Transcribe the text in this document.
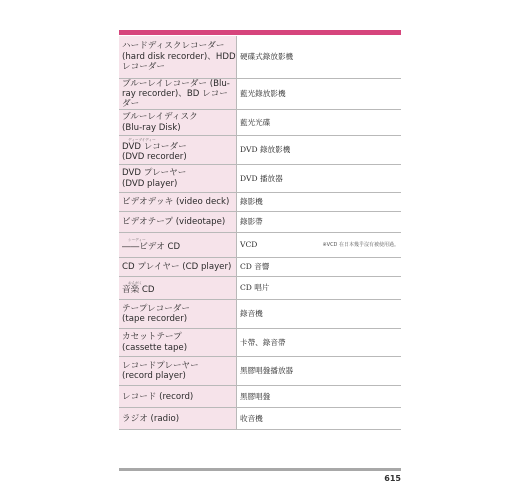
ハードディスクレコーダー
(hard disk recorder)、HDD
レコーダー	硬碟式錄放影機

ブルーレイレコーダー (Blu-
ray recorder)、BD レコーダー	藍光錄放影機

ブルーレイディスク
(Blu-ray Disk)	藍光光碟

ディーブイディー
DVD レコーダー
(DVD recorder)	DVD 錄放影機

DVD プレーヤー
(DVD player)	DVD 播放器

ビデオデッキ (video deck)	錄影機

ビデオテープ (videotape)	錄影帶

シーディー
――ビデオ CD	VCD ※VCD 在日本幾乎沒有被使用過。

CD プレイヤー (CD player)	CD 音響

おんがく
音楽 CD	CD 唱片

テープレコーダー
(tape recorder)	錄音機

カセットテープ
(cassette tape)	卡帶、錄音帶

レコードプレーヤー
(record player)	黑膠唱盤播放器

レコード (record)	黑膠唱盤

ラジオ (radio)	收音機
615
